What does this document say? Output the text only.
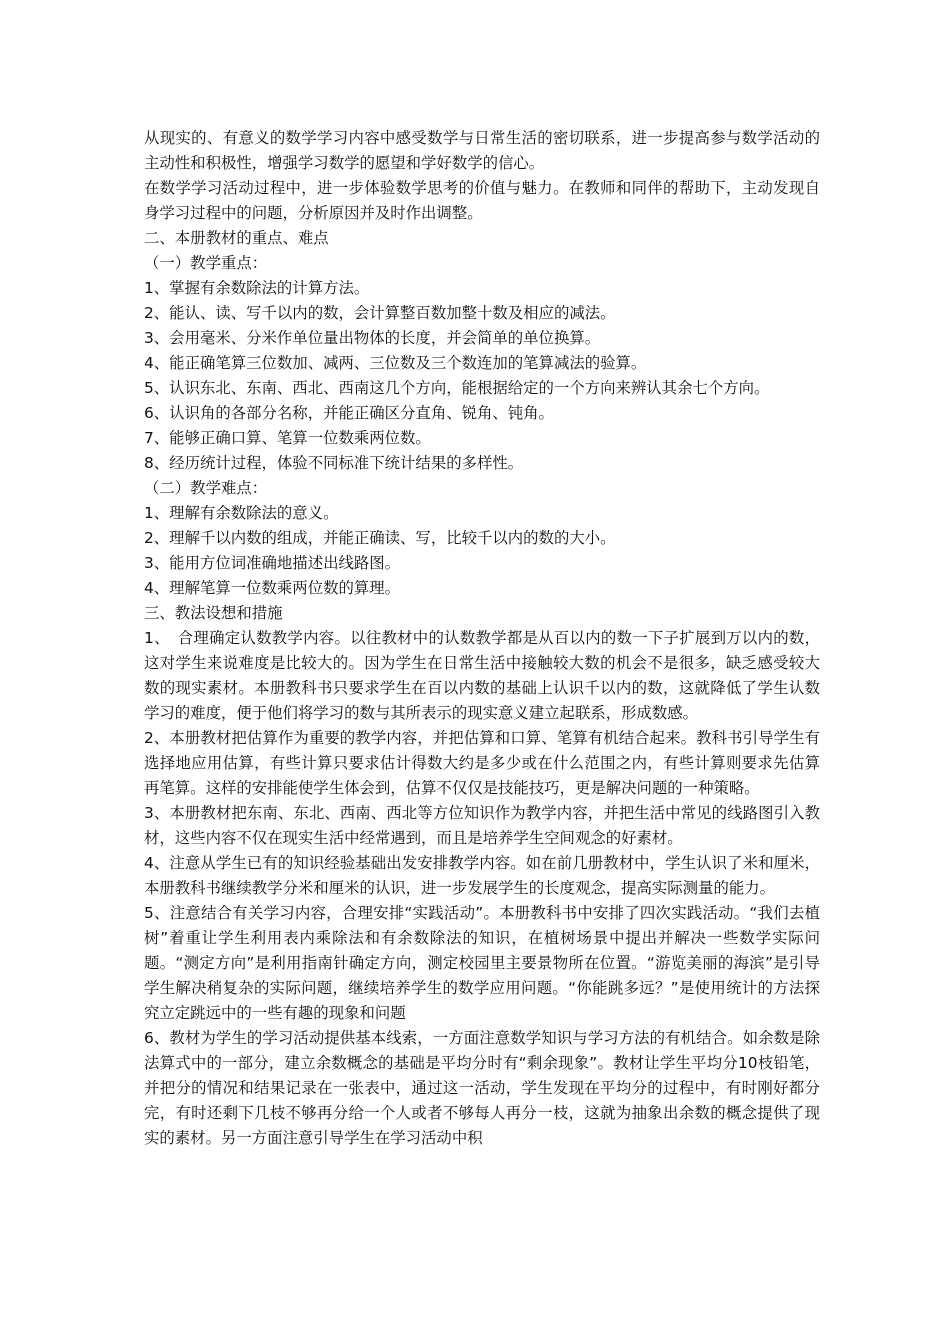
从现实的、有意义的数学学习内容中感受数学与日常生活的密切联系，进一步提高参与数学活动的主动性和积极性，增强学习数学的愿望和学好数学的信心。

在数学学习活动过程中，进一步体验数学思考的价值与魅力。在教师和同伴的帮助下，主动发现自身学习过程中的问题，分析原因并及时作出调整。

二、本册教材的重点、难点

（一）教学重点：

1、掌握有余数除法的计算方法。

2、能认、读、写千以内的数，会计算整百数加整十数及相应的减法。

3、会用毫米、分米作单位量出物体的长度，并会简单的单位换算。

4、能正确笔算三位数加、减两、三位数及三个数连加的笔算减法的验算。

5、认识东北、东南、西北、西南这几个方向，能根据给定的一个方向来辨认其余七个方向。

6、认识角的各部分名称，并能正确区分直角、锐角、钝角。

7、能够正确口算、笔算一位数乘两位数。

8、经历统计过程，体验不同标准下统计结果的多样性。

（二）教学难点：

1、理解有余数除法的意义。

2、理解千以内数的组成，并能正确读、写，比较千以内的数的大小。

3、能用方位词准确地描述出线路图。

4、理解笔算一位数乘两位数的算理。

三、教法设想和措施

1、　合理确定认数教学内容。以往教材中的认数教学都是从百以内的数一下子扩展到万以内的数，这对学生来说难度是比较大的。因为学生在日常生活中接触较大数的机会不是很多，缺乏感受较大数的现实素材。本册教科书只要求学生在百以内数的基础上认识千以内的数，这就降低了学生认数学习的难度，便于他们将学习的数与其所表示的现实意义建立起联系，形成数感。

2、本册教材把估算作为重要的教学内容，并把估算和口算、笔算有机结合起来。教科书引导学生有选择地应用估算，有些计算只要求估计得数大约是多少或在什么范围之内，有些计算则要求先估算再笔算。这样的安排能使学生体会到，估算不仅仅是技能技巧，更是解决问题的一种策略。

3、本册教材把东南、东北、西南、西北等方位知识作为教学内容，并把生活中常见的线路图引入教材，这些内容不仅在现实生活中经常遇到，而且是培养学生空间观念的好素材。

4、注意从学生已有的知识经验基础出发安排教学内容。如在前几册教材中，学生认识了米和厘米，本册教科书继续教学分米和厘米的认识，进一步发展学生的长度观念，提高实际测量的能力。

5、注意结合有关学习内容，合理安排“实践活动”。本册教科书中安排了四次实践活动。“我们去植树”着重让学生利用表内乘除法和有余数除法的知识，在植树场景中提出并解决一些数学实际问题。“测定方向”是利用指南针确定方向，测定校园里主要景物所在位置。“游览美丽的海滨”是引导学生解决稍复杂的实际问题，继续培养学生的数学应用问题。“你能跳多远？”是使用统计的方法探究立定跳远中的一些有趣的现象和问题

6、教材为学生的学习活动提供基本线索，一方面注意数学知识与学习方法的有机结合。如余数是除法算式中的一部分，建立余数概念的基础是平均分时有“剩余现象”。教材让学生平均分10枝铅笔，并把分的情况和结果记录在一张表中，通过这一活动，学生发现在平均分的过程中，有时刚好都分完，有时还剩下几枝不够再分给一个人或者不够每人再分一枝，这就为抽象出余数的概念提供了现实的素材。另一方面注意引导学生在学习活动中积
